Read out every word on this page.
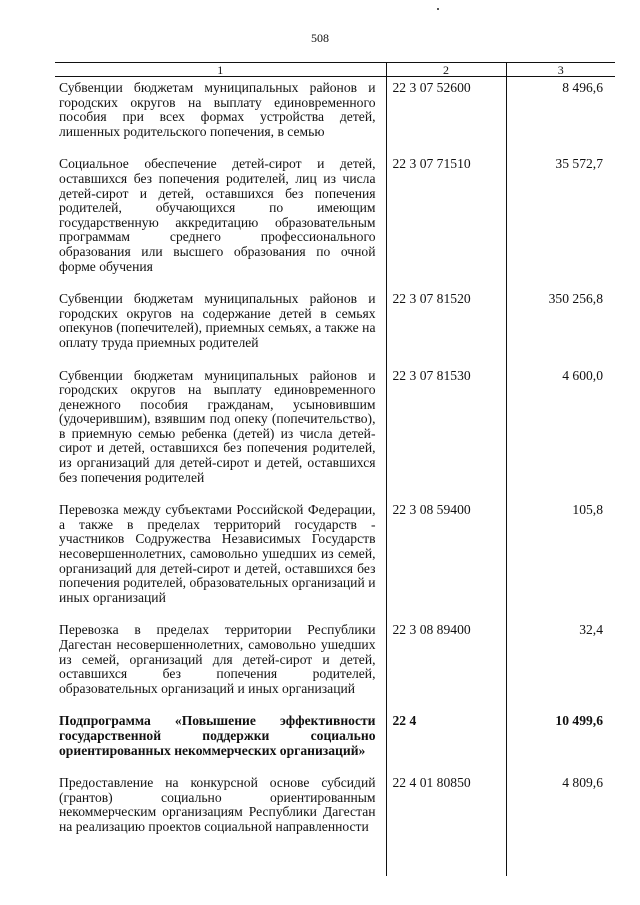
508
1	2	3
Субвенции бюджетам муниципальных районов и городских округов на выплату единовременного пособия при всех формах устройства детей, лишенных родительского попечения, в семью	22 3 07 52600	8 496,6
Социальное обеспечение детей-сирот и детей, оставшихся без попечения родителей, лиц из числа детей-сирот и детей, оставшихся без попечения родителей, обучающихся по имеющим государственную аккредитацию образовательным программам среднего профессионального образования или высшего образования по очной форме обучения	22 3 07 71510	35 572,7
Субвенции бюджетам муниципальных районов и городских округов на содержание детей в семьях опекунов (попечителей), приемных семьях, а также на оплату труда приемных родителей	22 3 07 81520	350 256,8
Субвенции бюджетам муниципальных районов и городских округов на выплату единовременного денежного пособия гражданам, усыновившим (удочерившим), взявшим под опеку (попечительство), в приемную семью ребенка (детей) из числа детей-сирот и детей, оставшихся без попечения родителей, из организаций для детей-сирот и детей, оставшихся без попечения родителей	22 3 07 81530	4 600,0
Перевозка между субъектами Российской Федерации, а также в пределах территорий государств - участников Содружества Независимых Государств несовершеннолетних, самовольно ушедших из семей, организаций для детей-сирот и детей, оставшихся без попечения родителей, образовательных организаций и иных организаций	22 3 08 59400	105,8
Перевозка в пределах территории Республики Дагестан несовершеннолетних, самовольно ушедших из семей, организаций для детей-сирот и детей, оставшихся без попечения родителей, образовательных организаций и иных организаций	22 3 08 89400	32,4
Подпрограмма «Повышение эффективности государственной поддержки социально ориентированных некоммерческих организаций»	22 4	10 499,6
Предоставление на конкурсной основе субсидий (грантов) социально ориентированным некоммерческим организациям Республики Дагестан на реализацию проектов социальной направленности	22 4 01 80850	4 809,6
